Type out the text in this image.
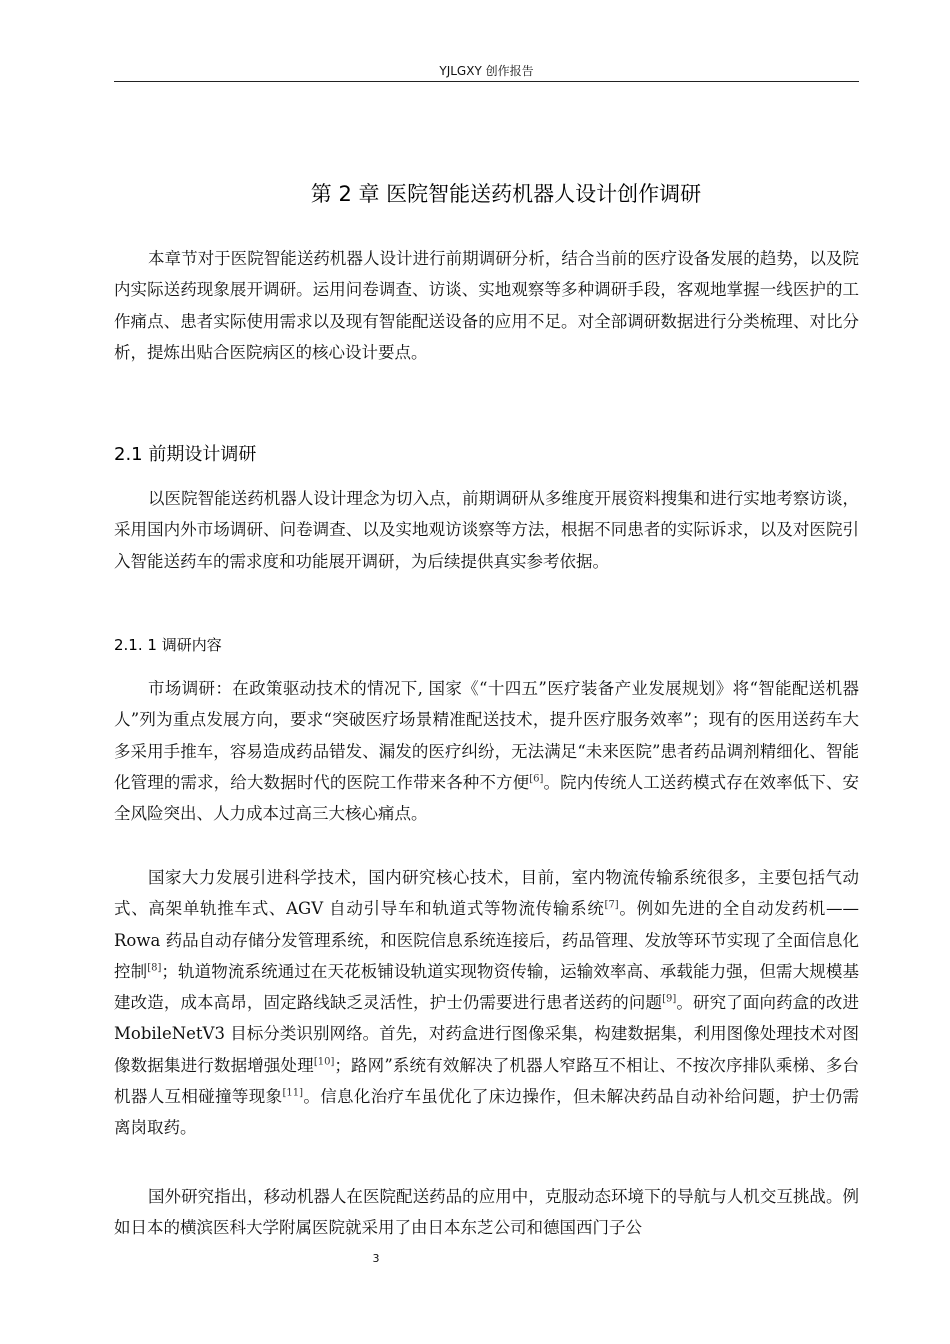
YJLGXY 创作报告
第 2 章 医院智能送药机器人设计创作调研

本章节对于医院智能送药机器人设计进行前期调研分析，结合当前的医疗设备发展的趋势，以及院内实际送药现象展开调研。运用问卷调查、访谈、实地观察等多种调研手段，客观地掌握一线医护的工作痛点、患者实际使用需求以及现有智能配送设备的应用不足。对全部调研数据进行分类梳理、对比分析，提炼出贴合医院病区的核心设计要点。

2.1 前期设计调研

以医院智能送药机器人设计理念为切入点，前期调研从多维度开展资料搜集和进行实地考察访谈，采用国内外市场调研、问卷调查、以及实地观访谈察等方法，根据不同患者的实际诉求，以及对医院引入智能送药车的需求度和功能展开调研，为后续提供真实参考依据。

2.1. 1 调研内容

市场调研：在政策驱动技术的情况下, 国家《“十四五”医疗装备产业发展规划》将“智能配送机器人”列为重点发展方向，要求“突破医疗场景精准配送技术，提升医疗服务效率”；现有的医用送药车大多采用手推车，容易造成药品错发、漏发的医疗纠纷，无法满足“未来医院”患者药品调剂精细化、智能化管理的需求，给大数据时代的医院工作带来各种不方便[6]。院内传统人工送药模式存在效率低下、安全风险突出、人力成本过高三大核心痛点。

国家大力发展引进科学技术，国内研究核心技术，目前，室内物流传输系统很多，主要包括气动式、高架单轨推车式、AGV 自动引导车和轨道式等物流传输系统[7]。例如先进的全自动发药机——Rowa 药品自动存储分发管理系统，和医院信息系统连接后，药品管理、发放等环节实现了全面信息化控制[8]；轨道物流系统通过在天花板铺设轨道实现物资传输，运输效率高、承载能力强，但需大规模基建改造，成本高昂，固定路线缺乏灵活性，护士仍需要进行患者送药的问题[9]。研究了面向药盒的改进 MobileNetV3 目标分类识别网络。首先，对药盒进行图像采集，构建数据集，利用图像处理技术对图像数据集进行数据增强处理[10]；路网”系统有效解决了机器人窄路互不相让、不按次序排队乘梯、多台机器人互相碰撞等现象[11]。信息化治疗车虽优化了床边操作，但未解决药品自动补给问题，护士仍需离岗取药。

国外研究指出，移动机器人在医院配送药品的应用中，克服动态环境下的导航与人机交互挑战。例如日本的横滨医科大学附属医院就采用了由日本东芝公司和德国西门子公

3
